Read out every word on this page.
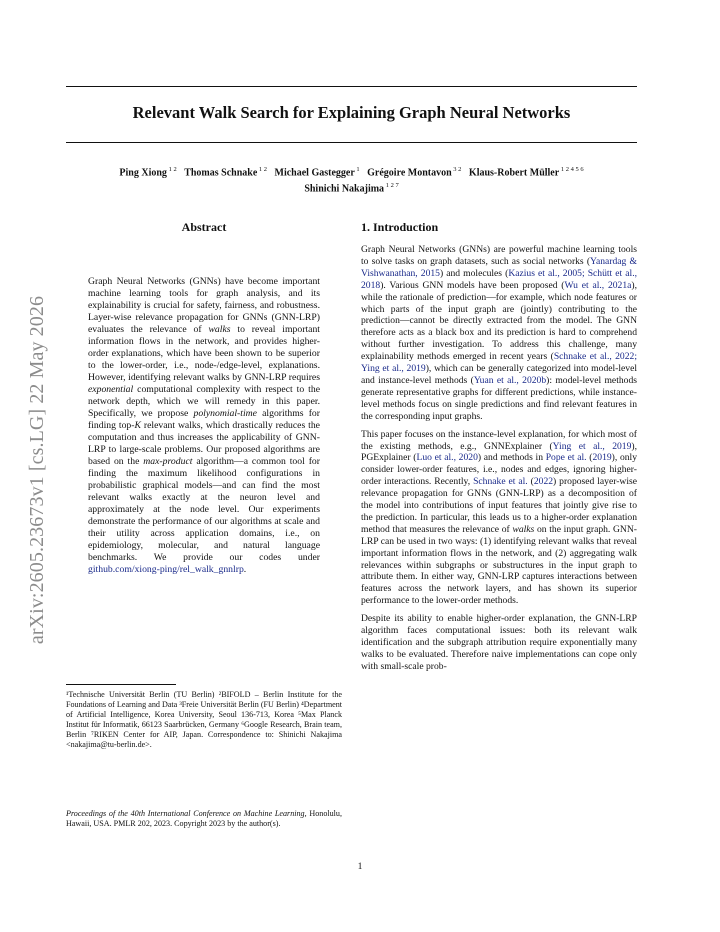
Relevant Walk Search for Explaining Graph Neural Networks
Ping Xiong $^{1 2}$ Thomas Schnake $^{1 2}$ Michael Gastegger $^1$ Grégoire Montavon $^{3 2}$ Klaus-Robert Müller $^{1 2 4 5 6}$
Shinichi Nakajima $^{1 2 7}$
arXiv:2605.23673v1 [cs.LG] 22 May 2026
Abstract
Graph Neural Networks (GNNs) have become important machine learning tools for graph analysis, and its explainability is crucial for safety, fairness, and robustness. Layer-wise relevance propagation for GNNs (GNN-LRP) evaluates the relevance of walks to reveal important information flows in the network, and provides higher-order explanations, which have been shown to be superior to the lower-order, i.e., node-/edge-level, explanations. However, identifying relevant walks by GNN-LRP requires exponential computational complexity with respect to the network depth, which we will remedy in this paper. Specifically, we propose polynomial-time algorithms for finding top-K relevant walks, which drastically reduces the computation and thus increases the applicability of GNN-LRP to large-scale problems. Our proposed algorithms are based on the max-product algorithm—a common tool for finding the maximum likelihood configurations in probabilistic graphical models—and can find the most relevant walks exactly at the neuron level and approximately at the node level. Our experiments demonstrate the performance of our algorithms at scale and their utility across application domains, i.e., on epidemiology, molecular, and natural language benchmarks. We provide our codes under github.com/xiong-ping/rel_walk_gnnlrp.
1. Introduction

Graph Neural Networks (GNNs) are powerful machine learning tools to solve tasks on graph datasets, such as social networks (Yanardag & Vishwanathan, 2015) and molecules (Kazius et al., 2005; Schütt et al., 2018). Various GNN models have been proposed (Wu et al., 2021a), while the rationale of prediction—for example, which node features or which parts of the input graph are (jointly) contributing to the prediction—cannot be directly extracted from the model. The GNN therefore acts as a black box and its prediction is hard to comprehend without further investigation. To address this challenge, many explainability methods emerged in recent years (Schnake et al., 2022; Ying et al., 2019), which can be generally categorized into model-level and instance-level methods (Yuan et al., 2020b): model-level methods generate representative graphs for different predictions, while instance-level methods focus on single predictions and find relevant features in the corresponding input graphs.

This paper focuses on the instance-level explanation, for which most of the existing methods, e.g., GNNExplainer (Ying et al., 2019), PGExplainer (Luo et al., 2020) and methods in Pope et al. (2019), only consider lower-order features, i.e., nodes and edges, ignoring higher-order interactions. Recently, Schnake et al. (2022) proposed layer-wise relevance propagation for GNNs (GNN-LRP) as a decomposition of the model into contributions of input features that jointly give rise to the prediction. In particular, this leads us to a higher-order explanation method that measures the relevance of walks on the input graph. GNN-LRP can be used in two ways: (1) identifying relevant walks that reveal important information flows in the network, and (2) aggregating walk relevances within subgraphs or substructures in the input graph to attribute them. In either way, GNN-LRP captures interactions between features across the network layers, and has shown its superior performance to the lower-order methods.

Despite its ability to enable higher-order explanation, the GNN-LRP algorithm faces computational issues: both its relevant walk identification and the subgraph attribution require exponentially many walks to be evaluated. Therefore naive implementations can cope only with small-scale prob-

¹Technische Universität Berlin (TU Berlin) ²BIFOLD – Berlin Institute for the Foundations of Learning and Data ³Freie Universität Berlin (FU Berlin) ⁴Department of Artificial Intelligence, Korea University, Seoul 136-713, Korea ⁵Max Planck Institut für Informatik, 66123 Saarbrücken, Germany ⁶Google Research, Brain team, Berlin ⁷RIKEN Center for AIP, Japan. Correspondence to: Shinichi Nakajima <nakajima@tu-berlin.de>.
Proceedings of the 40th International Conference on Machine Learning, Honolulu, Hawaii, USA. PMLR 202, 2023. Copyright 2023 by the author(s).
1
